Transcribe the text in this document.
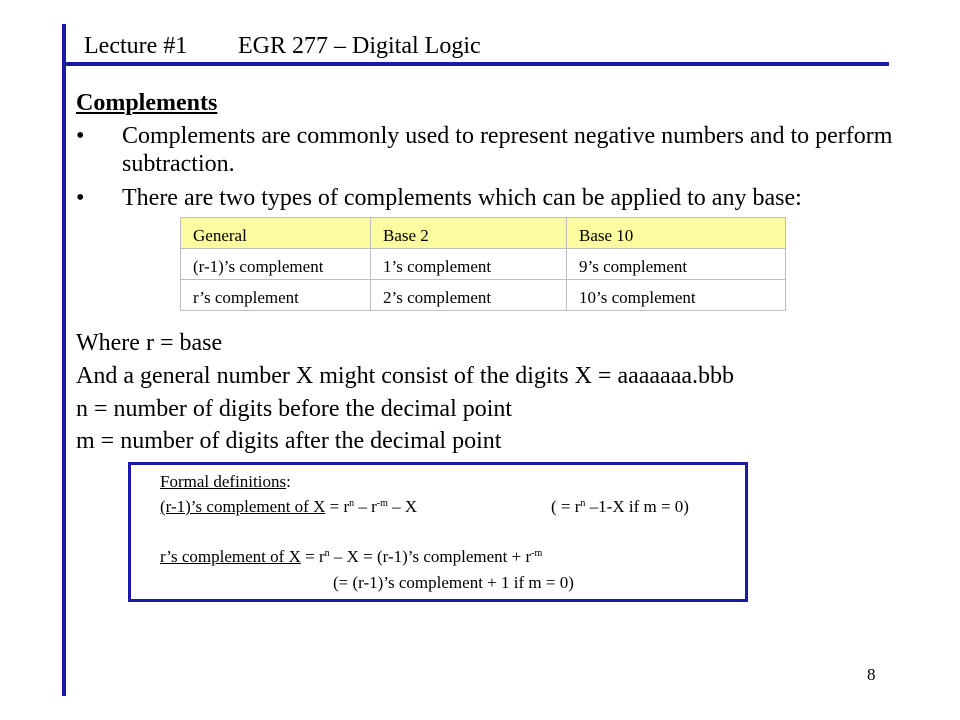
Lecture #1 EGR 277 – Digital Logic
Complements
• Complements are commonly used to represent negative numbers and to perform subtraction.
• There are two types of complements which can be applied to any base:
General	Base 2	Base 10
(r-1)’s complement	1’s complement	9’s complement
r’s complement	2’s complement	10’s complement
Where r = base
And a general number X might consist of the digits X = aaaaaaa.bbb
n = number of digits before the decimal point
m = number of digits after the decimal point
Formal definitions:
(r-1)’s complement of $X = r^n - r^{-m} - X$	( = $r^n$ –1-X if m = 0)
r’s complement of $X = r^n - X$ = (r-1)’s complement + $r^{-m}$
(= (r-1)’s complement + 1 if m = 0)
8
